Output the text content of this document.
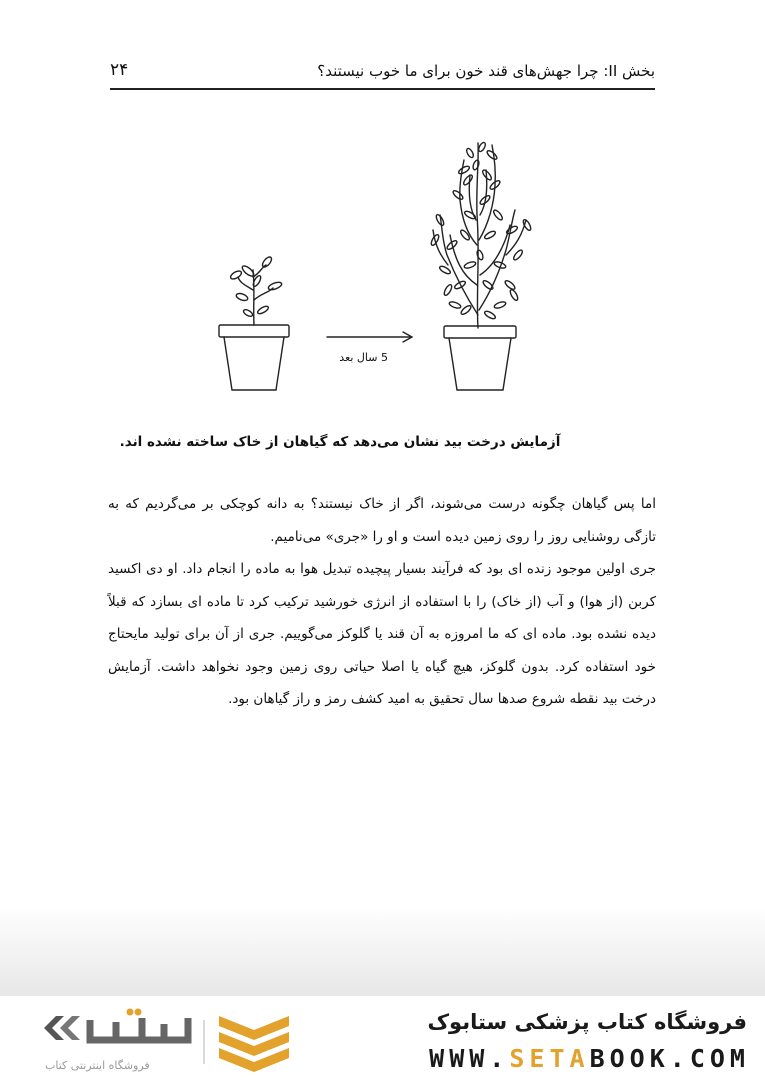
بخش II: چرا جهش‌های قند خون برای ما خوب نیستند؟
۲۴
5 سال بعد
آزمایش درخت بید نشان می‌دهد که گیاهان از خاک ساخته نشده اند.

اما پس گیاهان چگونه درست می‌شوند، اگر از خاک نیستند؟ به دانه کوچکی بر می‌گردیم که به تازگی روشنایی روز را روی زمین دیده است و او را «جری» می‌نامیم.

جری اولین موجود زنده ای بود که فرآیند بسیار پیچیده تبدیل هوا به ماده را انجام داد. او دی اکسید کربن (از هوا) و آب (از خاک) را با استفاده از انرژی خورشید ترکیب کرد تا ماده ای بسازد که قبلاً دیده نشده بود. ماده ای که ما امروزه به آن قند یا گلوکز می‌گوییم. جری از آن برای تولید مایحتاج خود استفاده کرد. بدون گلوکز، هیچ گیاه یا اصلا حیاتی روی زمین وجود نخواهد داشت. آزمایش درخت بید نقطه شروع صدها سال تحقیق به امید کشف رمز و راز گیاهان بود.

فروشگاه اینترنتی کتاب
فروشگاه کتاب پزشکی ستابوک
WWW.SETABOOK.COM
